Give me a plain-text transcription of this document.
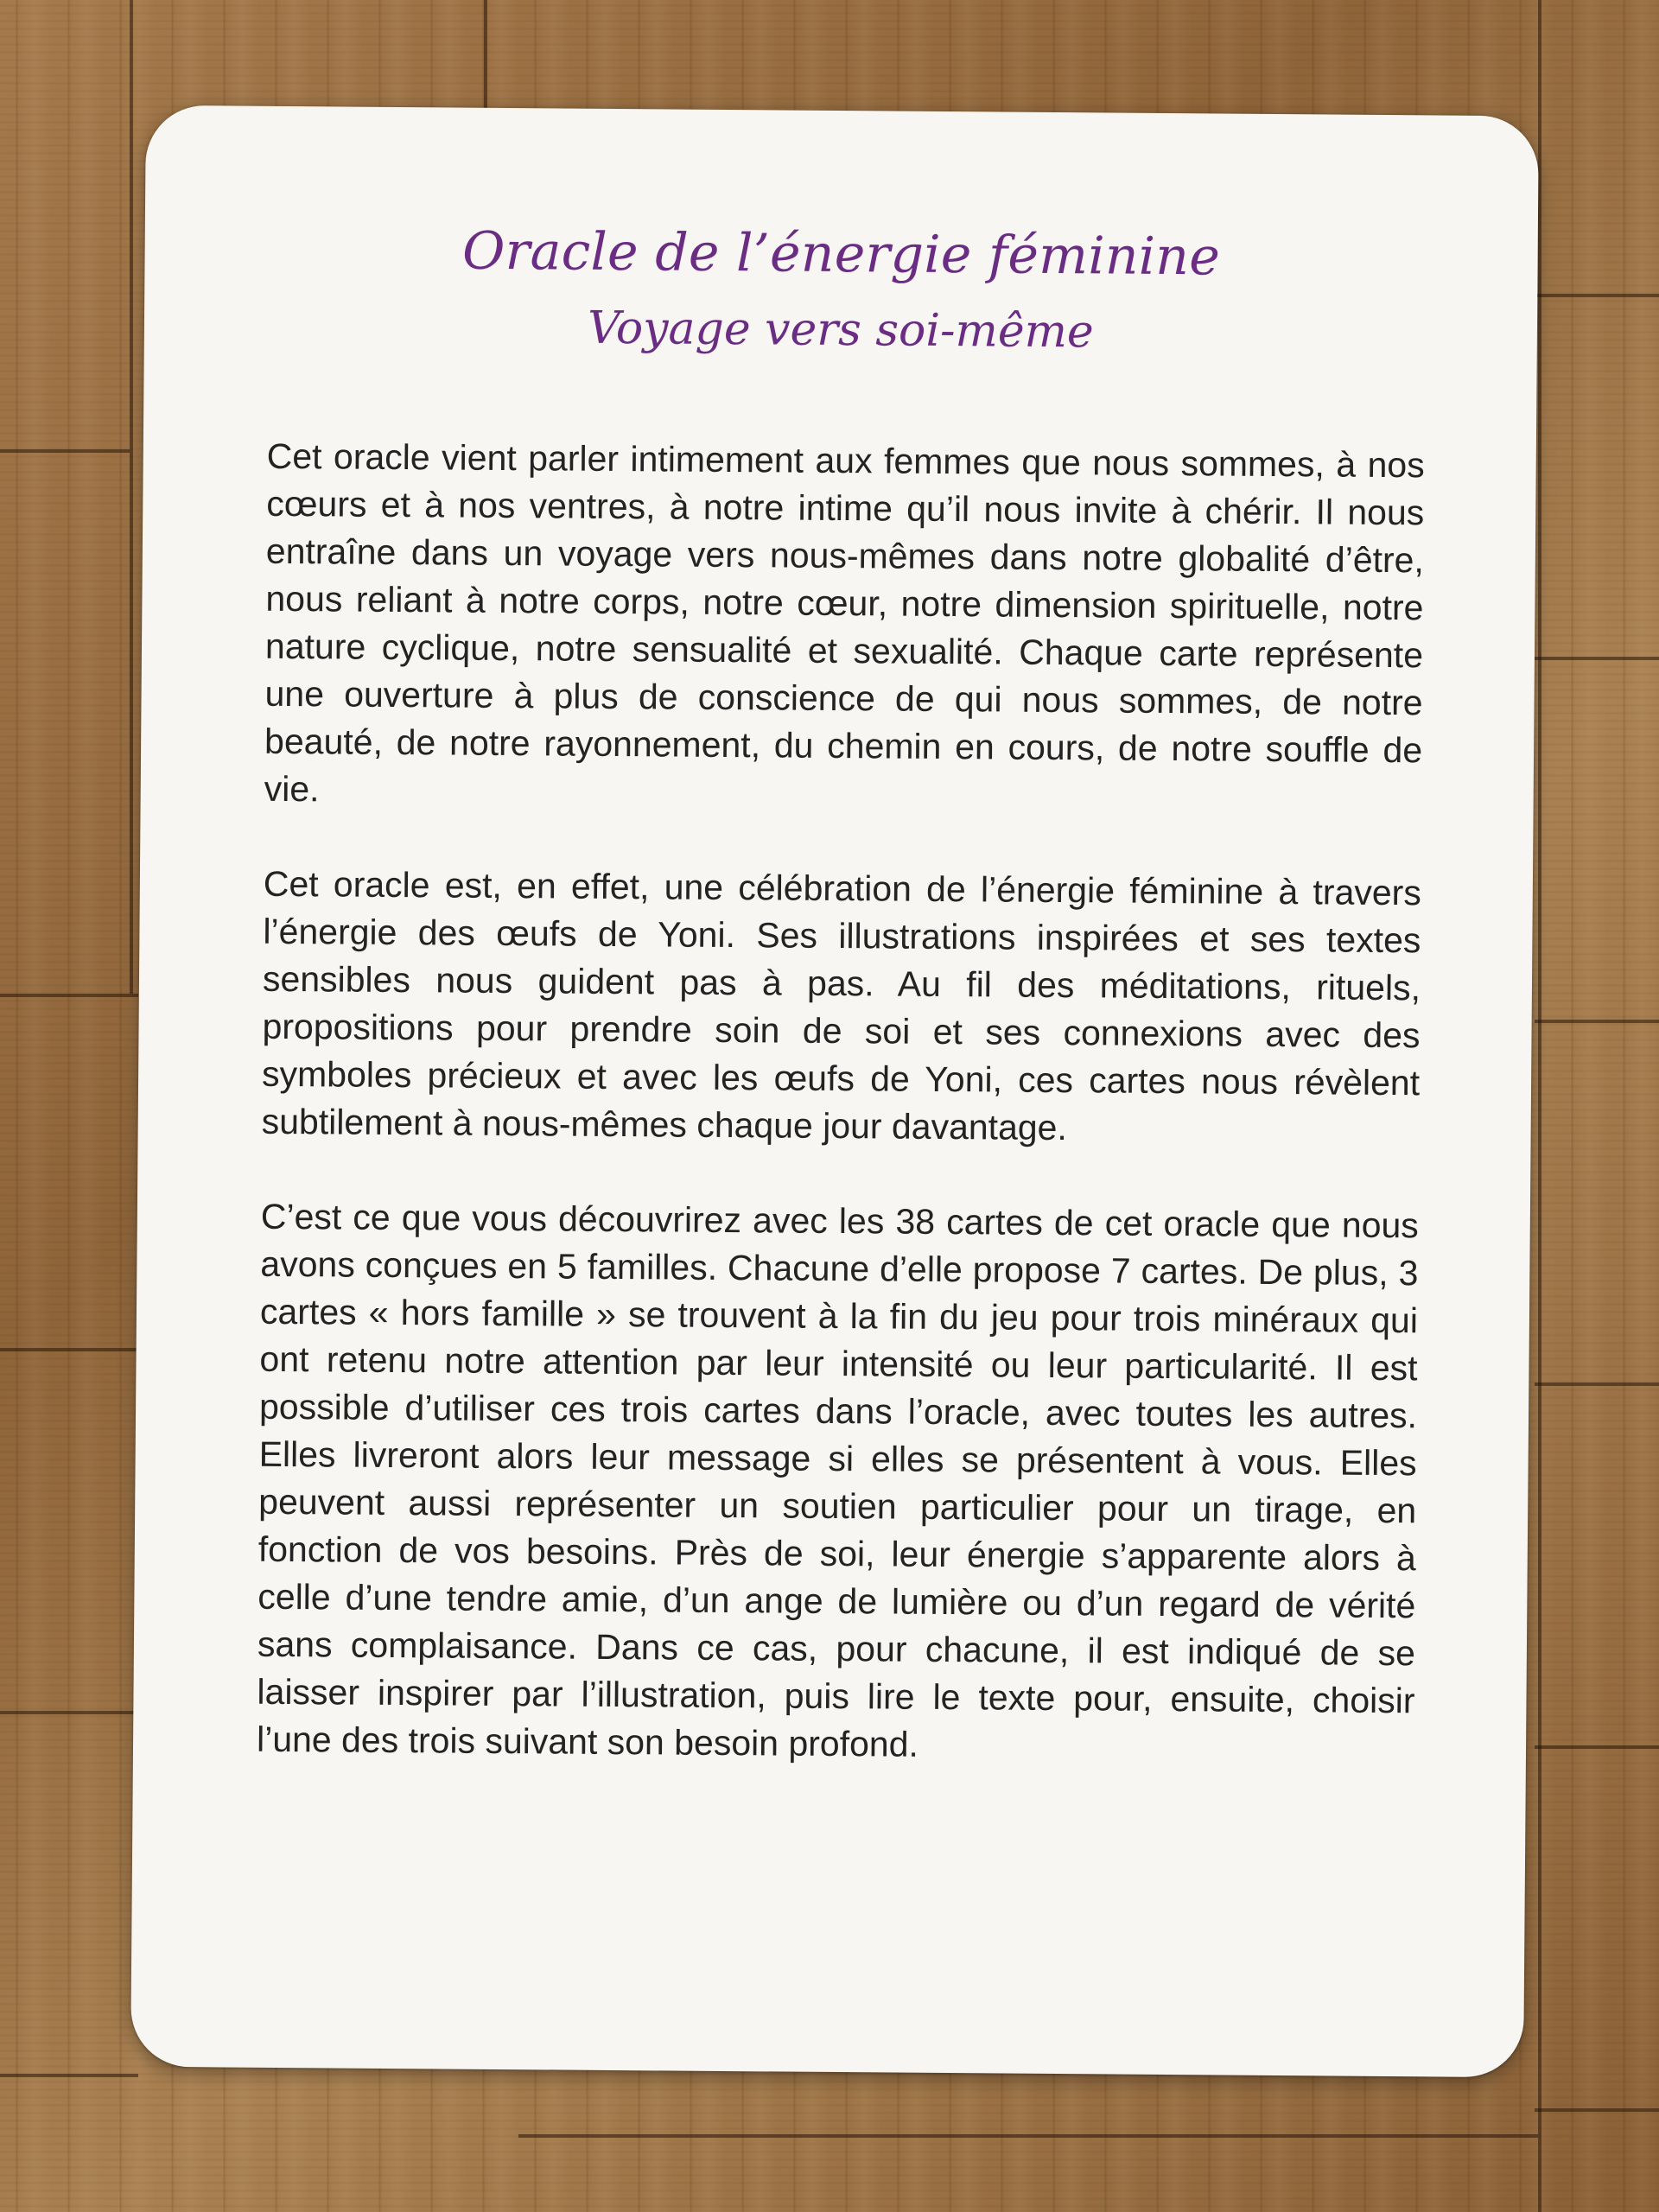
Oracle de l’énergie féminine
Voyage vers soi-même

Cet oracle vient parler intimement aux femmes que nous sommes, à nos cœurs et à nos ventres, à notre intime qu’il nous invite à chérir. Il nous entraîne dans un voyage vers nous-mêmes dans notre globalité d’être, nous reliant à notre corps, notre cœur, notre dimension spirituelle, notre nature cyclique, notre sensualité et sexualité. Chaque carte représente une ouverture à plus de conscience de qui nous sommes, de notre beauté, de notre rayonnement, du chemin en cours, de notre souffle de vie.

Cet oracle est, en effet, une célébration de l’énergie féminine à travers l’énergie des œufs de Yoni. Ses illustrations inspirées et ses textes sensibles nous guident pas à pas. Au fil des méditations, rituels, propositions pour prendre soin de soi et ses connexions avec des symboles précieux et avec les œufs de Yoni, ces cartes nous révèlent subtilement à nous-mêmes chaque jour davantage.

C’est ce que vous découvrirez avec les 38 cartes de cet oracle que nous avons conçues en 5 familles. Chacune d’elle propose 7 cartes. De plus, 3 cartes « hors famille » se trouvent à la fin du jeu pour trois minéraux qui ont retenu notre attention par leur intensité ou leur particularité. Il est possible d’utiliser ces trois cartes dans l’oracle, avec toutes les autres. Elles livreront alors leur message si elles se présentent à vous. Elles peuvent aussi représenter un soutien particulier pour un tirage, en fonction de vos besoins. Près de soi, leur énergie s’apparente alors à celle d’une tendre amie, d’un ange de lumière ou d’un regard de vérité sans complaisance. Dans ce cas, pour chacune, il est indiqué de se laisser inspirer par l’illustration, puis lire le texte pour, ensuite, choisir l’une des trois suivant son besoin profond.
